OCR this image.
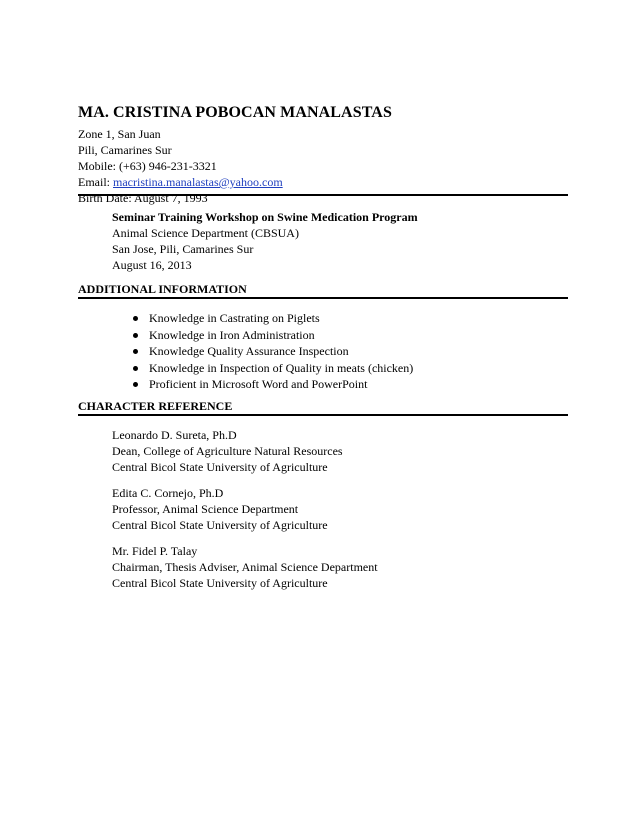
MA. CRISTINA POBOCAN MANALASTAS
Zone 1, San Juan
Pili, Camarines Sur
Mobile: (+63) 946-231-3321
Email: macristina.manalastas@yahoo.com
Birth Date: August 7, 1993
Seminar Training Workshop on Swine Medication Program
Animal Science Department (CBSUA)
San Jose, Pili, Camarines Sur
August 16, 2013
ADDITIONAL INFORMATION
Knowledge in Castrating on Piglets
Knowledge in Iron Administration
Knowledge Quality Assurance Inspection
Knowledge in Inspection of Quality in meats (chicken)
Proficient in Microsoft Word and PowerPoint
CHARACTER REFERENCE
Leonardo D. Sureta, Ph.D
Dean, College of Agriculture Natural Resources
Central Bicol State University of Agriculture
Edita C. Cornejo, Ph.D
Professor, Animal Science Department
Central Bicol State University of Agriculture
Mr. Fidel P. Talay
Chairman, Thesis Adviser, Animal Science Department
Central Bicol State University of Agriculture
